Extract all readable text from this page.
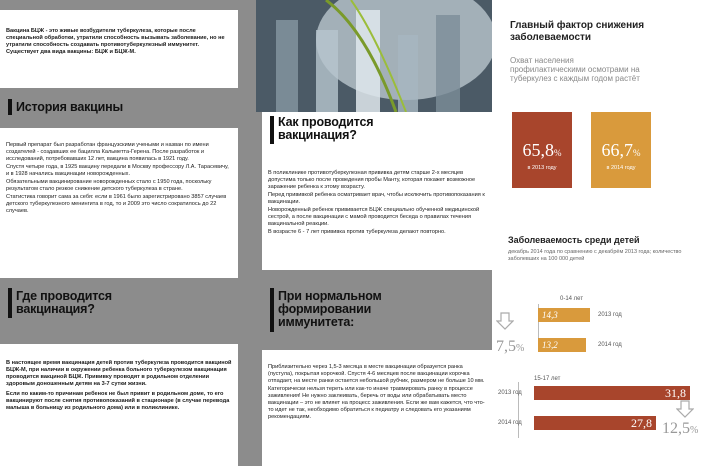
Вакцина БЦЖ - это живые возбудители туберкулеза, которые после специальной обработки, утратили способность вызывать заболевание, но не утратили способность создавать противотуберкулезный иммунитет. Существует два вида вакцины: БЦЖ и БЦЖ-М.

История вакцины

Первый препарат был разработан французскими учеными и назван по имени создателей - создавших ее бацилла Кальметта-Герена. После разработок и исследований, потребовавших 12 лет, вакцина появилась в 1921 году.

Спустя четыре года, в 1925 вакцину передали в Москву профессору Л.А. Тарасевичу, и в 1928 начались вакцинации новорожденных.

Обязательными вакцинирование новорожденных стало с 1950 года, поскольку результатом стало резкое снижение детского туберкулеза в стране.

Статистика говорит сама за себя: если в 1961 было зарегистрировано 3857 случаев детского туберкулезного менингита в год, то и 2009 это число сократилось до 22 случаев.

Где проводится вакцинация?

В настоящее время вакцинация детей против туберкулеза проводится вакциной БЦЖ-М, при наличии в окружении ребенка больного туберкулезом вакцинация проводится вакциной БЦЖ. Прививку проводят в родильном отделении здоровым доношенным детям на 3-7 сутки жизни.

Если по каким-то причинам ребенок не был привит в родильном доме, то его вакцинируют после снятия противопоказаний в стационаре (в случае перевода малыша в больницу из родильного дома) или в поликлинике.

Как проводится вакцинация?

В поликлинике противотуберкулезная прививка детям старше 2-х месяцев допустима только после проведения пробы Манту, которая покажет возможное заражение ребенка к этому возрасту.

Перед прививкой ребенка осматривает врач, чтобы исключить противопоказания к вакцинации.

Новорожденный ребенок прививается БЦЖ специально обученной медицинской сестрой, а после вакцинации с мамой проводится беседа о правилах течения вакцинальной реакции.

В возрасте 6 - 7 лет прививка против туберкулеза делают повторно.

При нормальном формировании иммунитета:

Приблизительно через 1,5-3 месяца в месте вакцинации образуется ранка (пустула), покрытая корочкой. Спустя 4-6 месяцев после вакцинации корочка отпадает, на месте ранки остается небольшой рубчик, размером не больше 10 мм.

Категорически нельзя тереть или как-то иначе травмировать ранку в процессе заживления! Не нужно заклеивать, беречь от воды или обрабатывать место вакцинации – это не влияет на процесс заживления. Если же вам кажется, что что-то идет не так, необходимо обратиться к педиатру и следовать его указаниям рекомендациям.

Главный фактор снижения заболеваемости
Охват населения профилактическими осмотрами на туберкулез с каждым годом растёт
65,8%
в 2013 году
66,7%
в 2014 году
Заболеваемость среди детей
декабрь 2014 года по сравнению с декабрём 2013 года; количество заболевших на 100 000 детей
0-14 лет
14,3	2013 год
13,2	2014 год
7,5%
15-17 лет
2013 год	31,8
2014 год	27,8 12,5%
